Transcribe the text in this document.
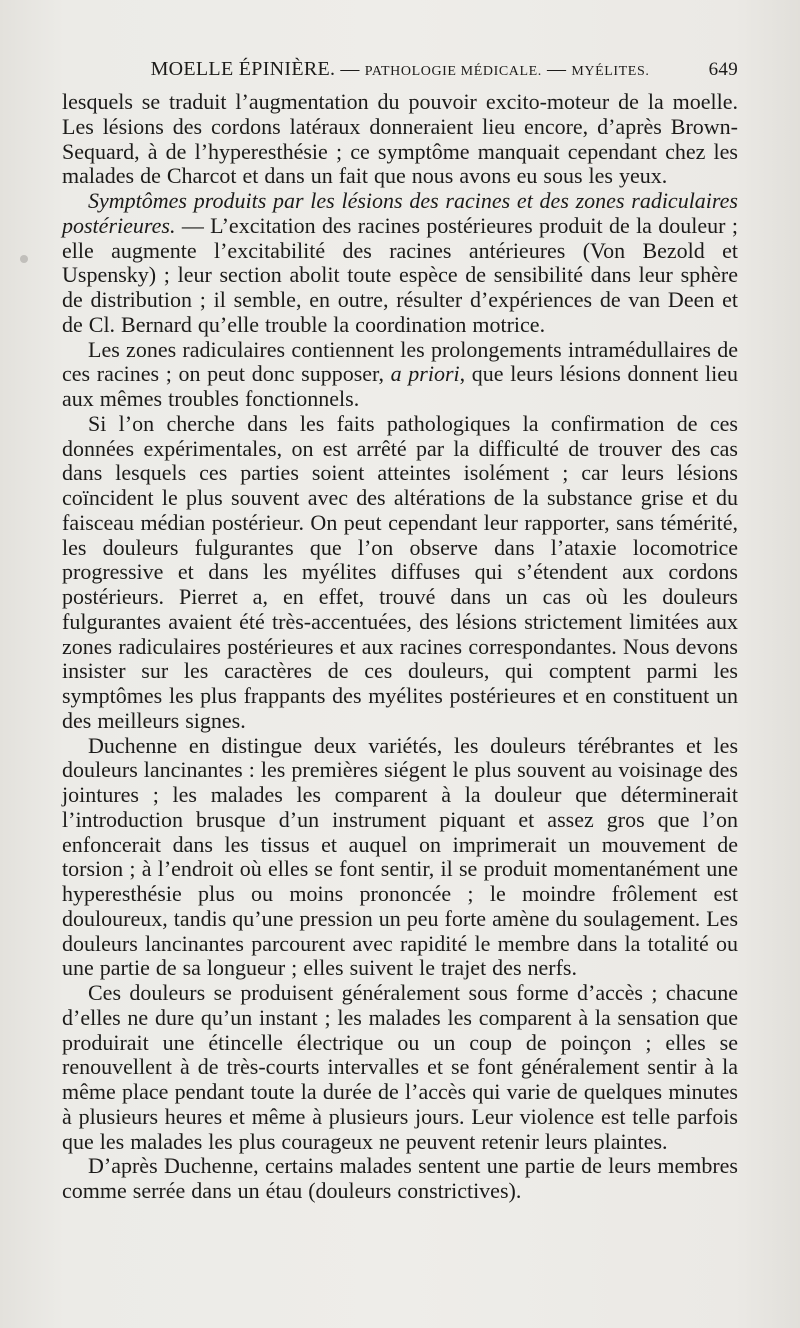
MOELLE ÉPINIÈRE. — PATHOLOGIE MÉDICALE. — MYÉLITES.	649

lesquels se traduit l’augmentation du pouvoir excito-moteur de la moelle. Les lésions des cordons latéraux donneraient lieu encore, d’après Brown-Sequard, à de l’hyperesthésie ; ce symptôme manquait cependant chez les malades de Charcot et dans un fait que nous avons eu sous les yeux.

Symptômes produits par les lésions des racines et des zones radiculaires postérieures. — L’excitation des racines postérieures produit de la douleur ; elle augmente l’excitabilité des racines antérieures (Von Bezold et Uspensky) ; leur section abolit toute espèce de sensibilité dans leur sphère de distribution ; il semble, en outre, résulter d’expériences de van Deen et de Cl. Bernard qu’elle trouble la coordination motrice.

Les zones radiculaires contiennent les prolongements intramédullaires de ces racines ; on peut donc supposer, a priori, que leurs lésions donnent lieu aux mêmes troubles fonctionnels.

Si l’on cherche dans les faits pathologiques la confirmation de ces données expérimentales, on est arrêté par la difficulté de trouver des cas dans lesquels ces parties soient atteintes isolément ; car leurs lésions coïncident le plus souvent avec des altérations de la substance grise et du faisceau médian postérieur. On peut cependant leur rapporter, sans témérité, les douleurs fulgurantes que l’on observe dans l’ataxie locomotrice progressive et dans les myélites diffuses qui s’étendent aux cordons postérieurs. Pierret a, en effet, trouvé dans un cas où les douleurs fulgurantes avaient été très-accentuées, des lésions strictement limitées aux zones radiculaires postérieures et aux racines correspondantes. Nous devons insister sur les caractères de ces douleurs, qui comptent parmi les symptômes les plus frappants des myélites postérieures et en constituent un des meilleurs signes.

Duchenne en distingue deux variétés, les douleurs térébrantes et les douleurs lancinantes : les premières siégent le plus souvent au voisinage des jointures ; les malades les comparent à la douleur que déterminerait l’introduction brusque d’un instrument piquant et assez gros que l’on enfoncerait dans les tissus et auquel on imprimerait un mouvement de torsion ; à l’endroit où elles se font sentir, il se produit momentanément une hyperesthésie plus ou moins prononcée ; le moindre frôlement est douloureux, tandis qu’une pression un peu forte amène du soulagement. Les douleurs lancinantes parcourent avec rapidité le membre dans la totalité ou une partie de sa longueur ; elles suivent le trajet des nerfs.

Ces douleurs se produisent généralement sous forme d’accès ; chacune d’elles ne dure qu’un instant ; les malades les comparent à la sensation que produirait une étincelle électrique ou un coup de poinçon ; elles se renouvellent à de très-courts intervalles et se font généralement sentir à la même place pendant toute la durée de l’accès qui varie de quelques minutes à plusieurs heures et même à plusieurs jours. Leur violence est telle parfois que les malades les plus courageux ne peuvent retenir leurs plaintes.

D’après Duchenne, certains malades sentent une partie de leurs membres comme serrée dans un étau (douleurs constrictives).
